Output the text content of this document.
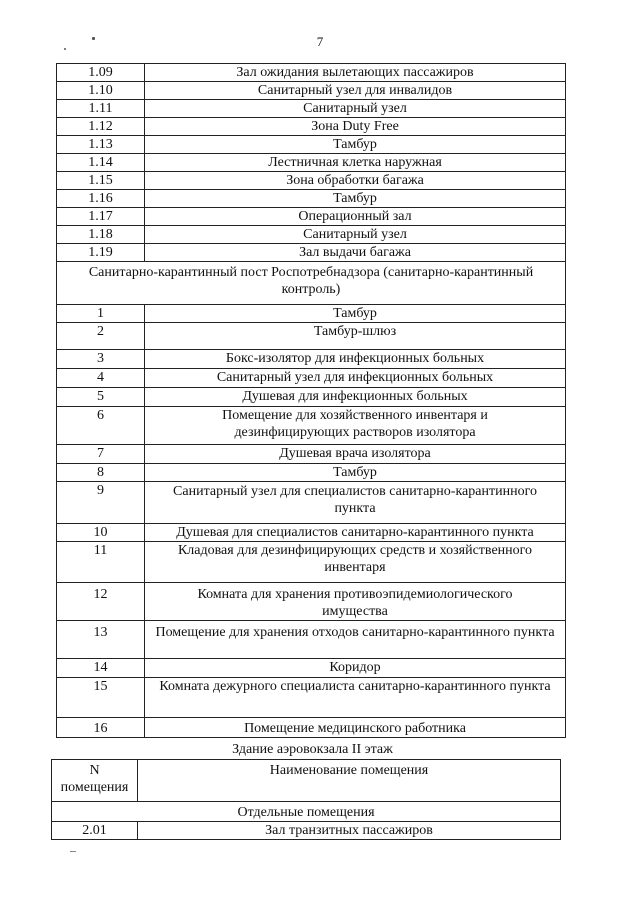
7
1.09	Зал ожидания вылетающих пассажиров
1.10	Санитарный узел для инвалидов
1.11	Санитарный узел
1.12	Зона Duty Free
1.13	Тамбур
1.14	Лестничная клетка наружная
1.15	Зона обработки багажа
1.16	Тамбур
1.17	Операционный зал
1.18	Санитарный узел
1.19	Зал выдачи багажа
Санитарно-карантинный пост Роспотребнадзора (санитарно-карантинный контроль)	
1	Тамбур
2	Тамбур-шлюз
3	Бокс-изолятор для инфекционных больных
4	Санитарный узел для инфекционных больных
5	Душевая для инфекционных больных
6	Помещение для хозяйственного инвентаря и дезинфицирующих растворов изолятора
7	Душевая врача изолятора
8	Тамбур
9	Санитарный узел для специалистов санитарно-карантинного пункта
10	Душевая для специалистов санитарно-карантинного пункта
11	Кладовая для дезинфицирующих средств и хозяйственного инвентаря
12	Комната для хранения противоэпидемиологического имущества
13	Помещение для хранения отходов санитарно-карантинного пункта
14	Коридор
15	Комната дежурного специалиста санитарно-карантинного пункта
16	Помещение медицинского работника
Здание аэровокзала II этаж
N
помещения	Наименование помещения
Отдельные помещения	
2.01	Зал транзитных пассажиров
